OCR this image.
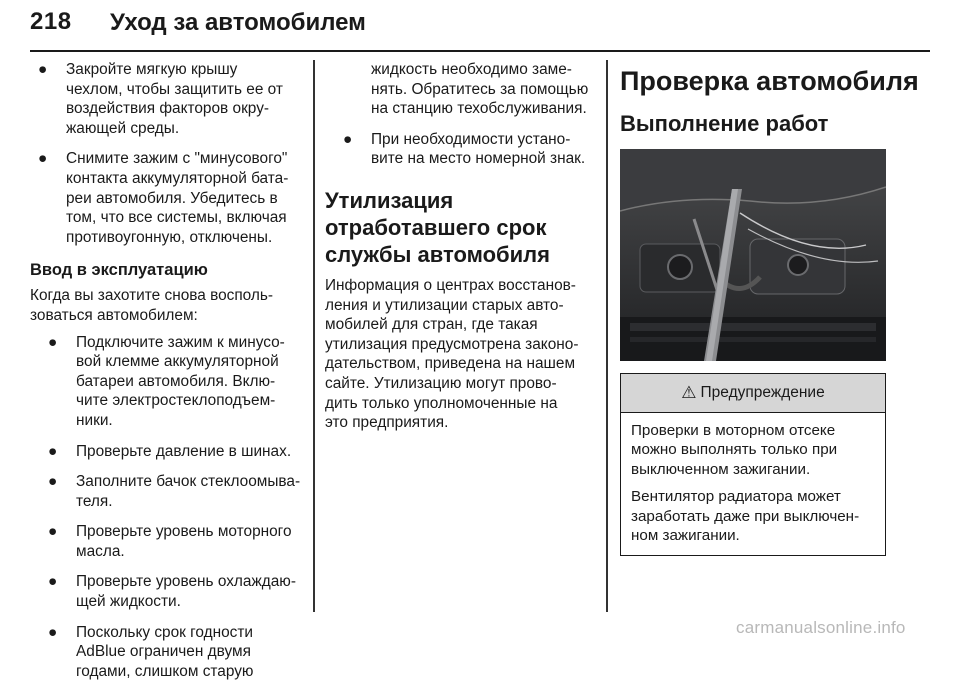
218 Уход за автомобилем
● Закройте мягкую крышу
чехлом, чтобы защитить ее от
воздействия факторов окру-
жающей среды.
● Снимите зажим с "минусового"
контакта аккумуляторной бата-
реи автомобиля. Убедитесь в
том, что все системы, включая
противоугонную, отключены.
Ввод в эксплуатацию

Когда вы захотите снова восполь-
зоваться автомобилем:

● Подключите зажим к минусо-
вой клемме аккумуляторной
батареи автомобиля. Вклю-
чите электростеклоподъем-
ники.
● Проверьте давление в шинах.
● Заполните бачок стеклоомыва-
теля.
● Проверьте уровень моторного
масла.
● Проверьте уровень охлаждаю-
щей жидкости.
● Поскольку срок годности
AdBlue ограничен двумя
годами, слишком старую
жидкость необходимо заме-
нять. Обратитесь за помощью
на станцию техобслуживания.
● При необходимости устано-
вите на место номерной знак.
Утилизация
отработавшего срок
службы автомобиля

Информация о центрах восстанов-
ления и утилизации старых авто-
мобилей для стран, где такая
утилизация предусмотрена законо-
дательством, приведена на нашем
сайте. Утилизацию могут прово-
дить только уполномоченные на
это предприятия.

Проверка автомобиля
Выполнение работ
⚠ Предупреждение

Проверки в моторном отсеке
можно выполнять только при
выключенном зажигании.

Вентилятор радиатора может
заработать даже при выключен-
ном зажигании.

carmanualsonline.info
